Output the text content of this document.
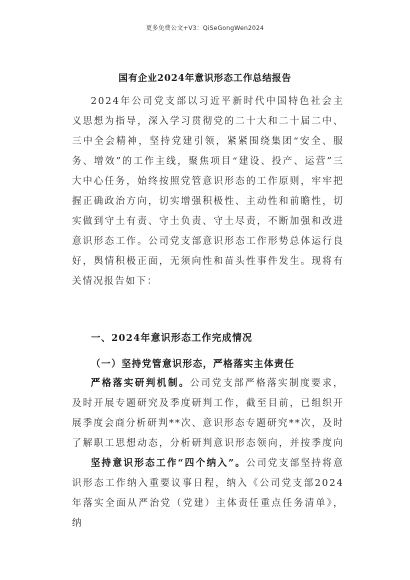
更多免费公文+V3：QiSeGongWen2024
国有企业2024年意识形态工作总结报告

2024年公司党支部以习近平新时代中国特色社会主义思想为指导，深入学习贯彻党的二十大和二十届二中、三中全会精神，坚持党建引领，紧紧围绕集团“安全、服务、增效”的工作主线，聚焦项目“建设、投产、运营”三大中心任务，始终按照党管意识形态的工作原则，牢牢把握正确政治方向，切实增强积极性、主动性和前瞻性，切实做到守土有责、守土负责、守土尽责，不断加强和改进意识形态工作。公司党支部意识形态工作形势总体运行良好，舆情积极正面，无须向性和苗头性事件发生。现将有关情况报告如下：

一、2024年意识形态工作完成情况

（一）坚持党管意识形态，严格落实主体责任

严格落实研判机制。公司党支部严格落实制度要求，及时开展专题研究及季度研判工作，截至目前，已组织开展季度会商分析研判**次、意识形态专题研究**次，及时了解职工思想动态，分析研判意识形态领向，并按季度向

坚持意识形态工作“四个纳入”。公司党支部坚持将意识形态工作纳入重要议事日程，纳入《公司党支部2024年落实全面从严治党（党建）主体责任重点任务清单》，纳
